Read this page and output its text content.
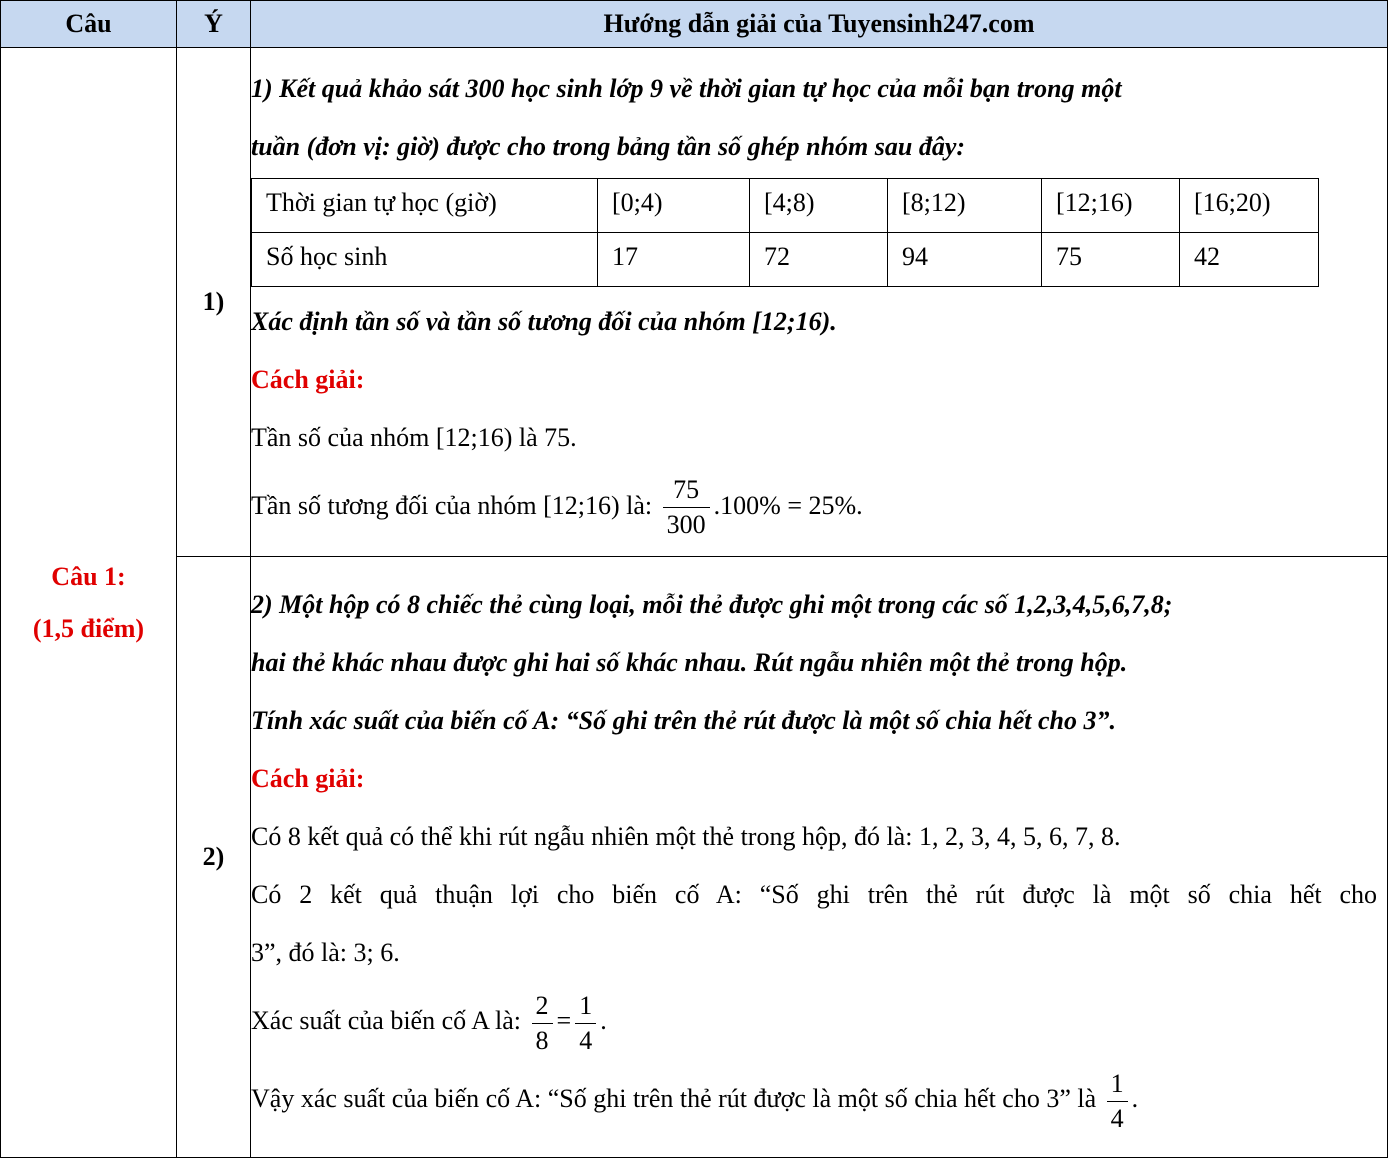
Câu	Ý	Hướng dẫn giải của Tuyensinh247.com

Câu 1:
(1,5 điểm)
	1)	
1) Kết quả khảo sát 300 học sinh lớp 9 về thời gian tự học của mỗi bạn trong một
tuần (đơn vị: giờ) được cho trong bảng tần số ghép nhóm sau đây:
Thời gian tự học (giờ)	[0;4)	[4;8)	[8;12)	[12;16)	[16;20)
Số học sinh	17	72	94	75	42
Xác định tần số và tần số tương đối của nhóm [12;16).
Cách giải:
Tần số của nhóm [12;16) là 75.
Tần số tương đối của nhóm [12;16) là: $\frac{75}{300} .100\% = 25\%$.

2)	
2) Một hộp có 8 chiếc thẻ cùng loại, mỗi thẻ được ghi một trong các số 1,2,3,4,5,6,7,8;
hai thẻ khác nhau được ghi hai số khác nhau. Rút ngẫu nhiên một thẻ trong hộp.
Tính xác suất của biến cố A: “Số ghi trên thẻ rút được là một số chia hết cho 3”.
Cách giải:
Có 8 kết quả có thể khi rút ngẫu nhiên một thẻ trong hộp, đó là: 1, 2, 3, 4, 5, 6, 7, 8.
Có 2 kết quả thuận lợi cho biến cố A: “Số ghi trên thẻ rút được là một số chia hết cho
3”, đó là: 3; 6.
Xác suất của biến cố A là: $\frac{2}{8} = \frac{1}{4}$ .
Vậy xác suất của biến cố A: “Số ghi trên thẻ rút được là một số chia hết cho 3” là $\frac{1}{4}$ .
